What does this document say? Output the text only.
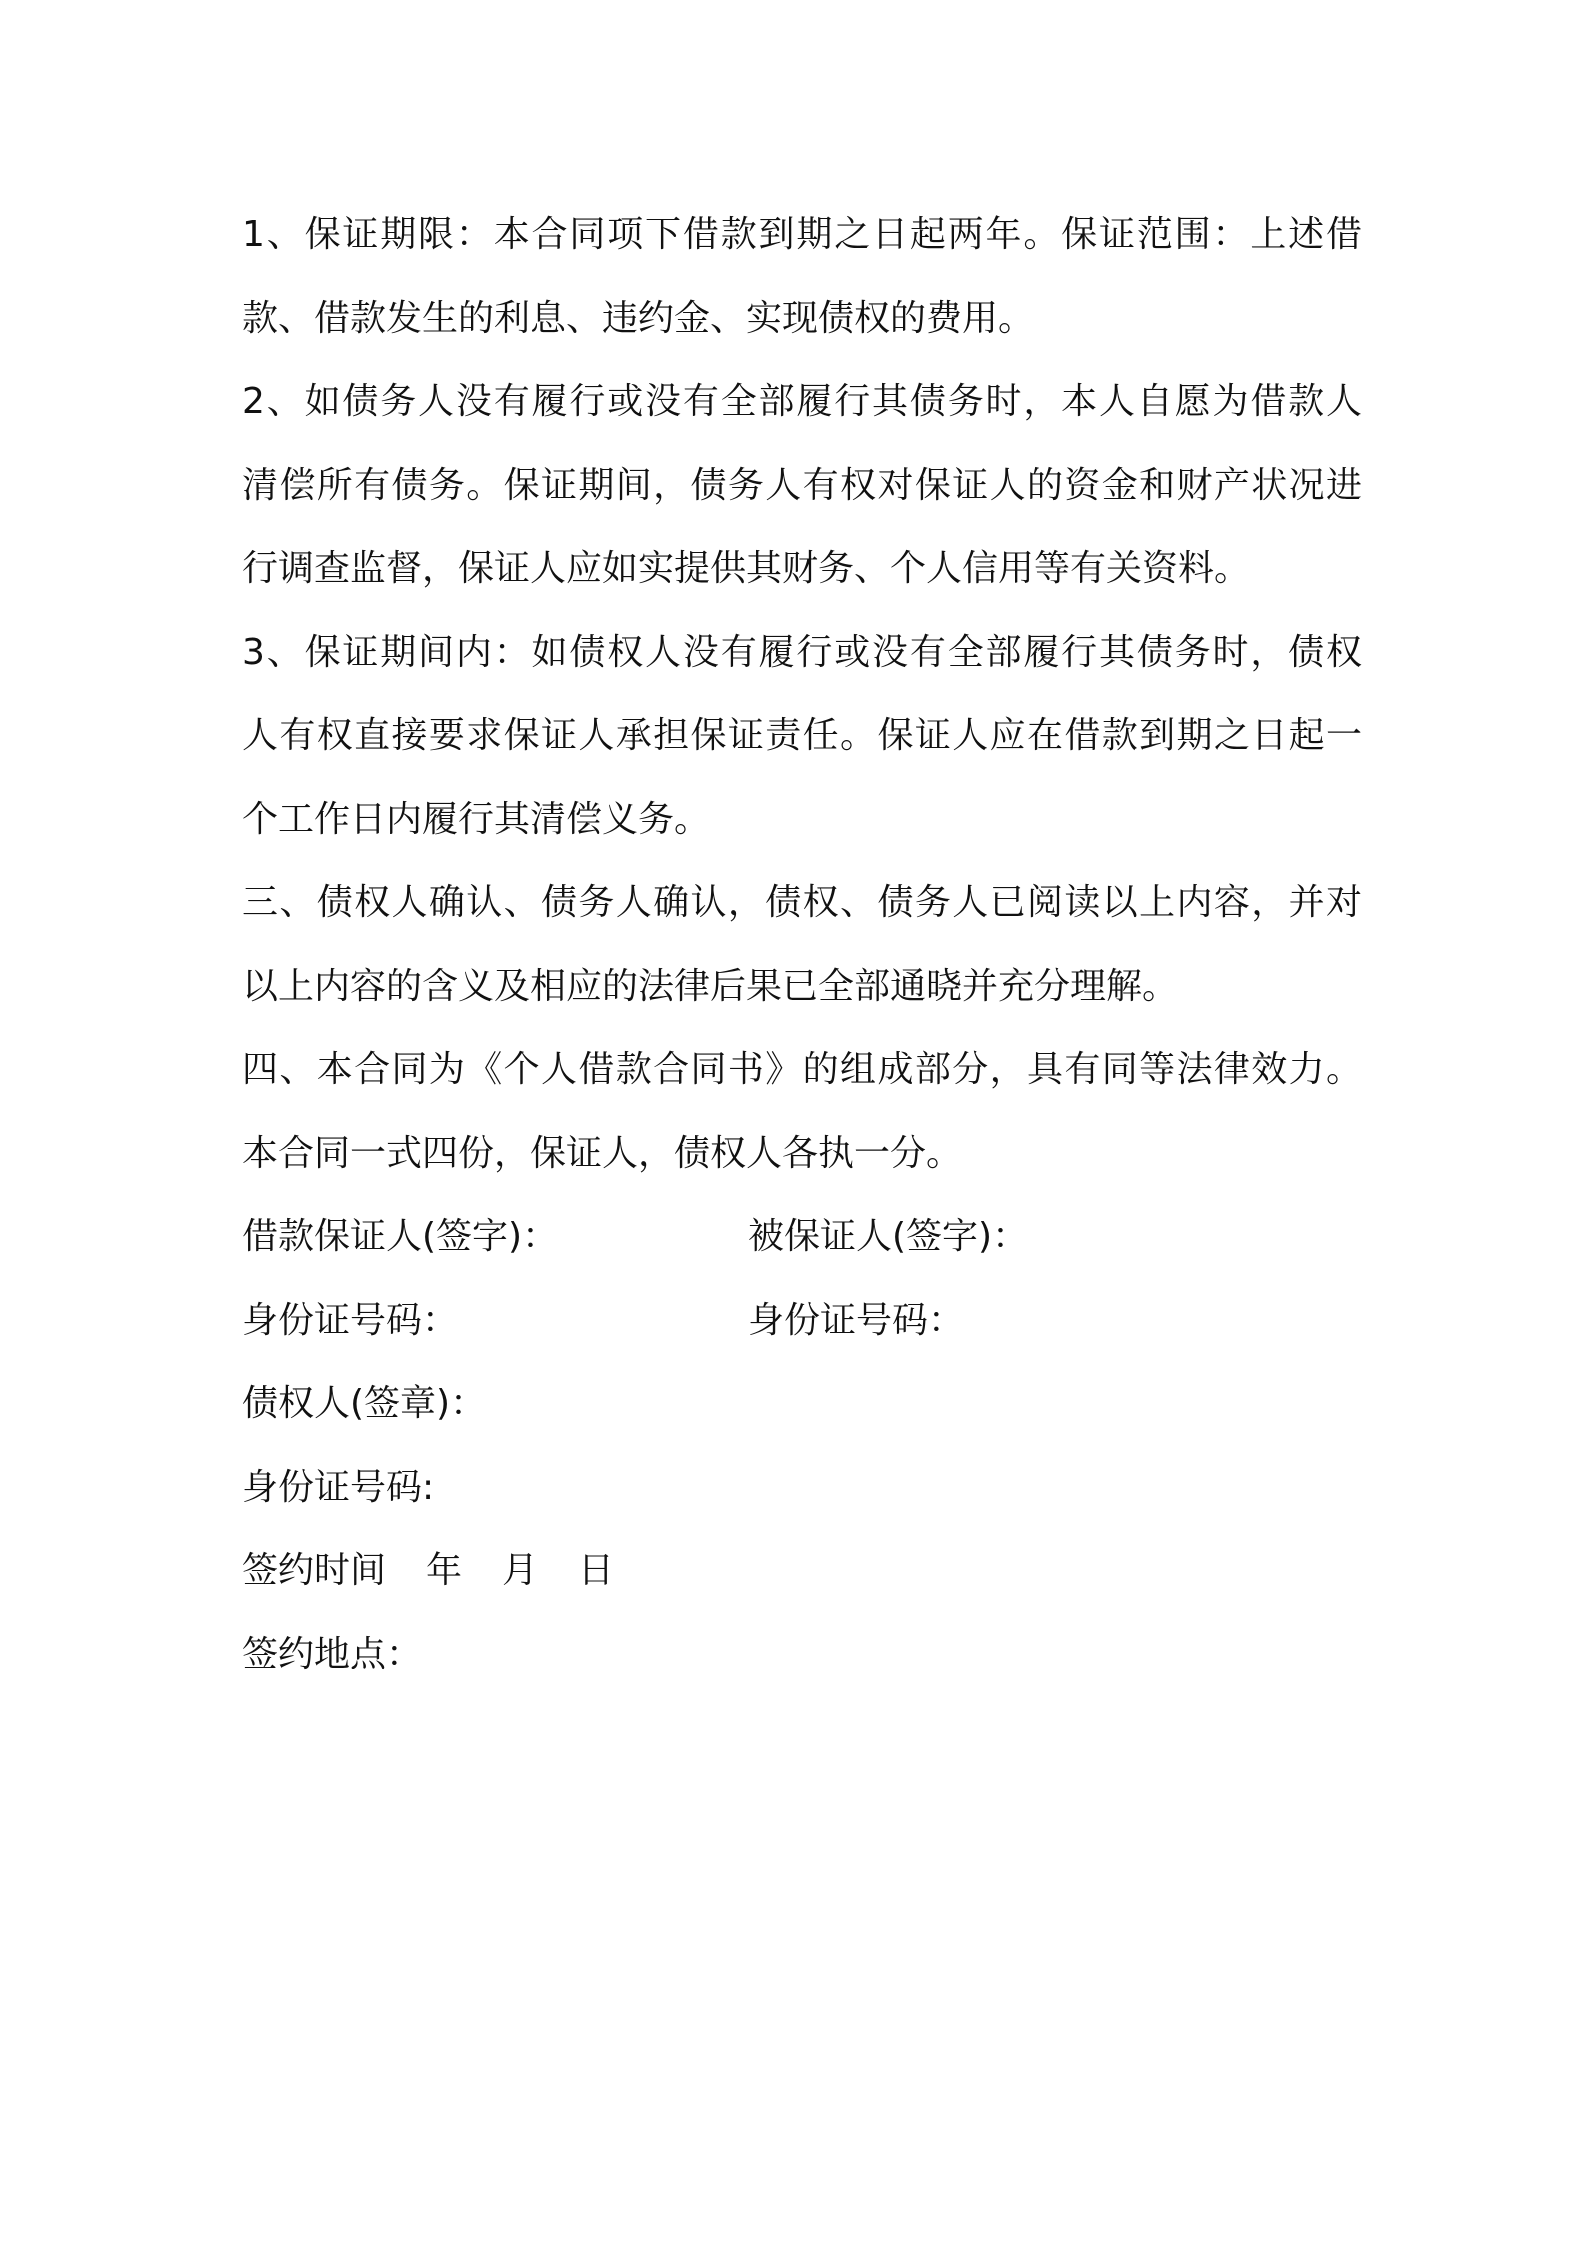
1、保证期限：本合同项下借款到期之日起两年。保证范围：上述借
款、借款发生的利息、违约金、实现债权的费用。
2、如债务人没有履行或没有全部履行其债务时，本人自愿为借款人
清偿所有债务。保证期间，债务人有权对保证人的资金和财产状况进
行调查监督，保证人应如实提供其财务、个人信用等有关资料。
3、保证期间内：如债权人没有履行或没有全部履行其债务时，债权
人有权直接要求保证人承担保证责任。保证人应在借款到期之日起一
个工作日内履行其清偿义务。
三、债权人确认、债务人确认，债权、债务人已阅读以上内容，并对
以上内容的含义及相应的法律后果已全部通晓并充分理解。
四、本合同为《个人借款合同书》的组成部分，具有同等法律效力。
本合同一式四份，保证人，债权人各执一分。
借款保证人(签字)：	被保证人(签字)：
身份证号码：	身份证号码：
债权人(签章)：
身份证号码:
签约时间 年 月 日
签约地点：
